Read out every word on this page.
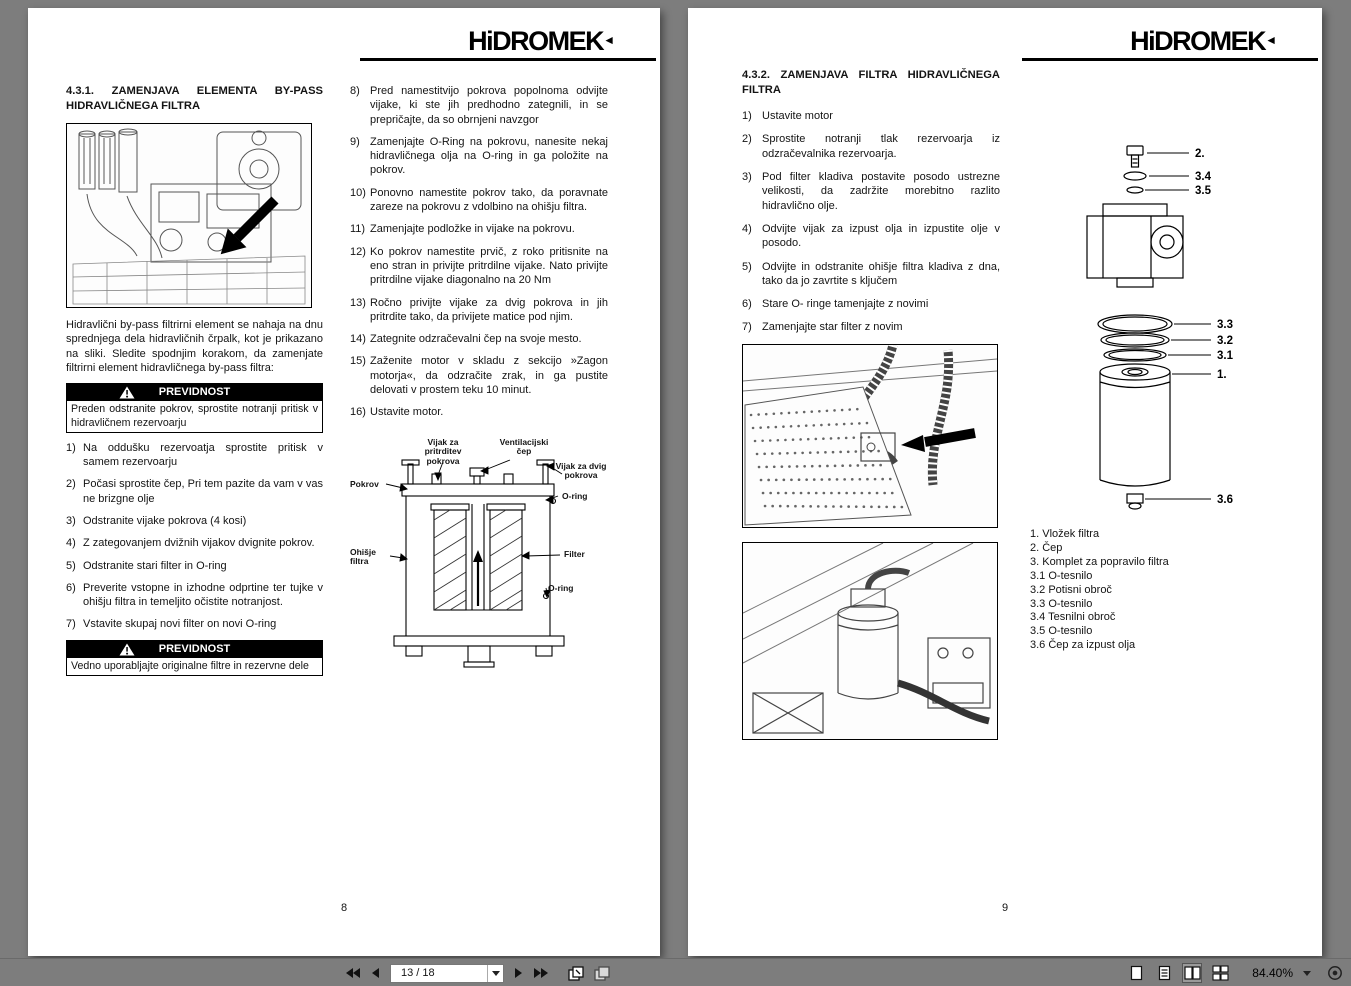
HiDROMEK◄
4.3.1. ZAMENJAVA ELEMENTA BY-PASS HIDRAVLIČNEGA FILTRA
Hidravlični by-pass filtrirni element se nahaja na dnu sprednjega dela hidravličnih črpalk, kot je prikazano na sliki. Sledite spodnjim korakom, da zamenjate filtrirni element hidravličnega by-pass filtra:
PREVIDNOST
Preden odstranite pokrov, sprostite notranji pritisk v hidravličnem rezervoarju
1) Na oddušku rezervoatja sprostite pritisk v samem rezervoarju
2) Počasi sprostite čep, Pri tem pazite da vam v vas ne brizgne olje
3) Odstranite vijake pokrova (4 kosi)
4) Z zategovanjem dvižnih vijakov dvignite pokrov.
5) Odstranite stari filter in O-ring
6) Preverite vstopne in izhodne odprtine ter tujke v ohišju filtra in temeljito očistite notranjost.
7) Vstavite skupaj novi filter on novi O-ring
PREVIDNOST
Vedno uporabljajte originalne filtre in rezervne dele
8) Pred namestitvijo pokrova popolnoma odvijte vijake, ki ste jih predhodno zategnili, in se prepričajte, da so obrnjeni navzgor
9) Zamenjajte O-Ring na pokrovu, nanesite nekaj hidravličnega olja na O-ring in ga položite na pokrov.
10) Ponovno namestite pokrov tako, da poravnate zareze na pokrovu z vdolbino na ohišju filtra.
11) Zamenjajte podložke in vijake na pokrovu.
12) Ko pokrov namestite prvič, z roko pritisnite na eno stran in privijte pritrdilne vijake. Nato privijte pritrdilne vijake diagonalno na 20 Nm
13) Ročno privijte vijake za dvig pokrova in jih pritrdite tako, da privijete matice pod njim.
14) Zategnite odzračevalni čep na svoje mesto.
15) Zaženite motor v skladu z sekcijo »Zagon motorja«, da odzračite zrak, in ga pustite delovati v prostem teku 10 minut.
16) Ustavite motor.
Vijak za pritrditev pokrova
Ventilacijski čep
Vijak za dvig pokrova
O-ring
Pokrov
Filter
Ohišje filtra
O-ring
8
HiDROMEK◄
4.3.2. ZAMENJAVA FILTRA HIDRAVLIČNEGA FILTRA
1) Ustavite motor
2) Sprostite notranji tlak rezervoarja iz odzračevalnika rezervoarja.
3) Pod filter kladiva postavite posodo ustrezne velikosti, da zadržite morebitno razlito hidravlično olje.
4) Odvijte vijak za izpust olja in izpustite olje v posodo.
5) Odvijte in odstranite ohišje filtra kladiva z dna, tako da jo zavrtite s ključem
6) Stare O- ringe tamenjajte z novimi
7) Zamenjajte star filter z novim
2.
3.4
3.5
3.3
3.2
3.1
1.
3.6
1. Vložek filtra
2. Čep
3. Komplet za popravilo filtra
3.1 O-tesnilo
3.2 Potisni obroč
3.3 O-tesnilo
3.4 Tesnilni obroč
3.5 O-tesnilo
3.6 Čep za izpust olja
9
13 / 18	84.40%
